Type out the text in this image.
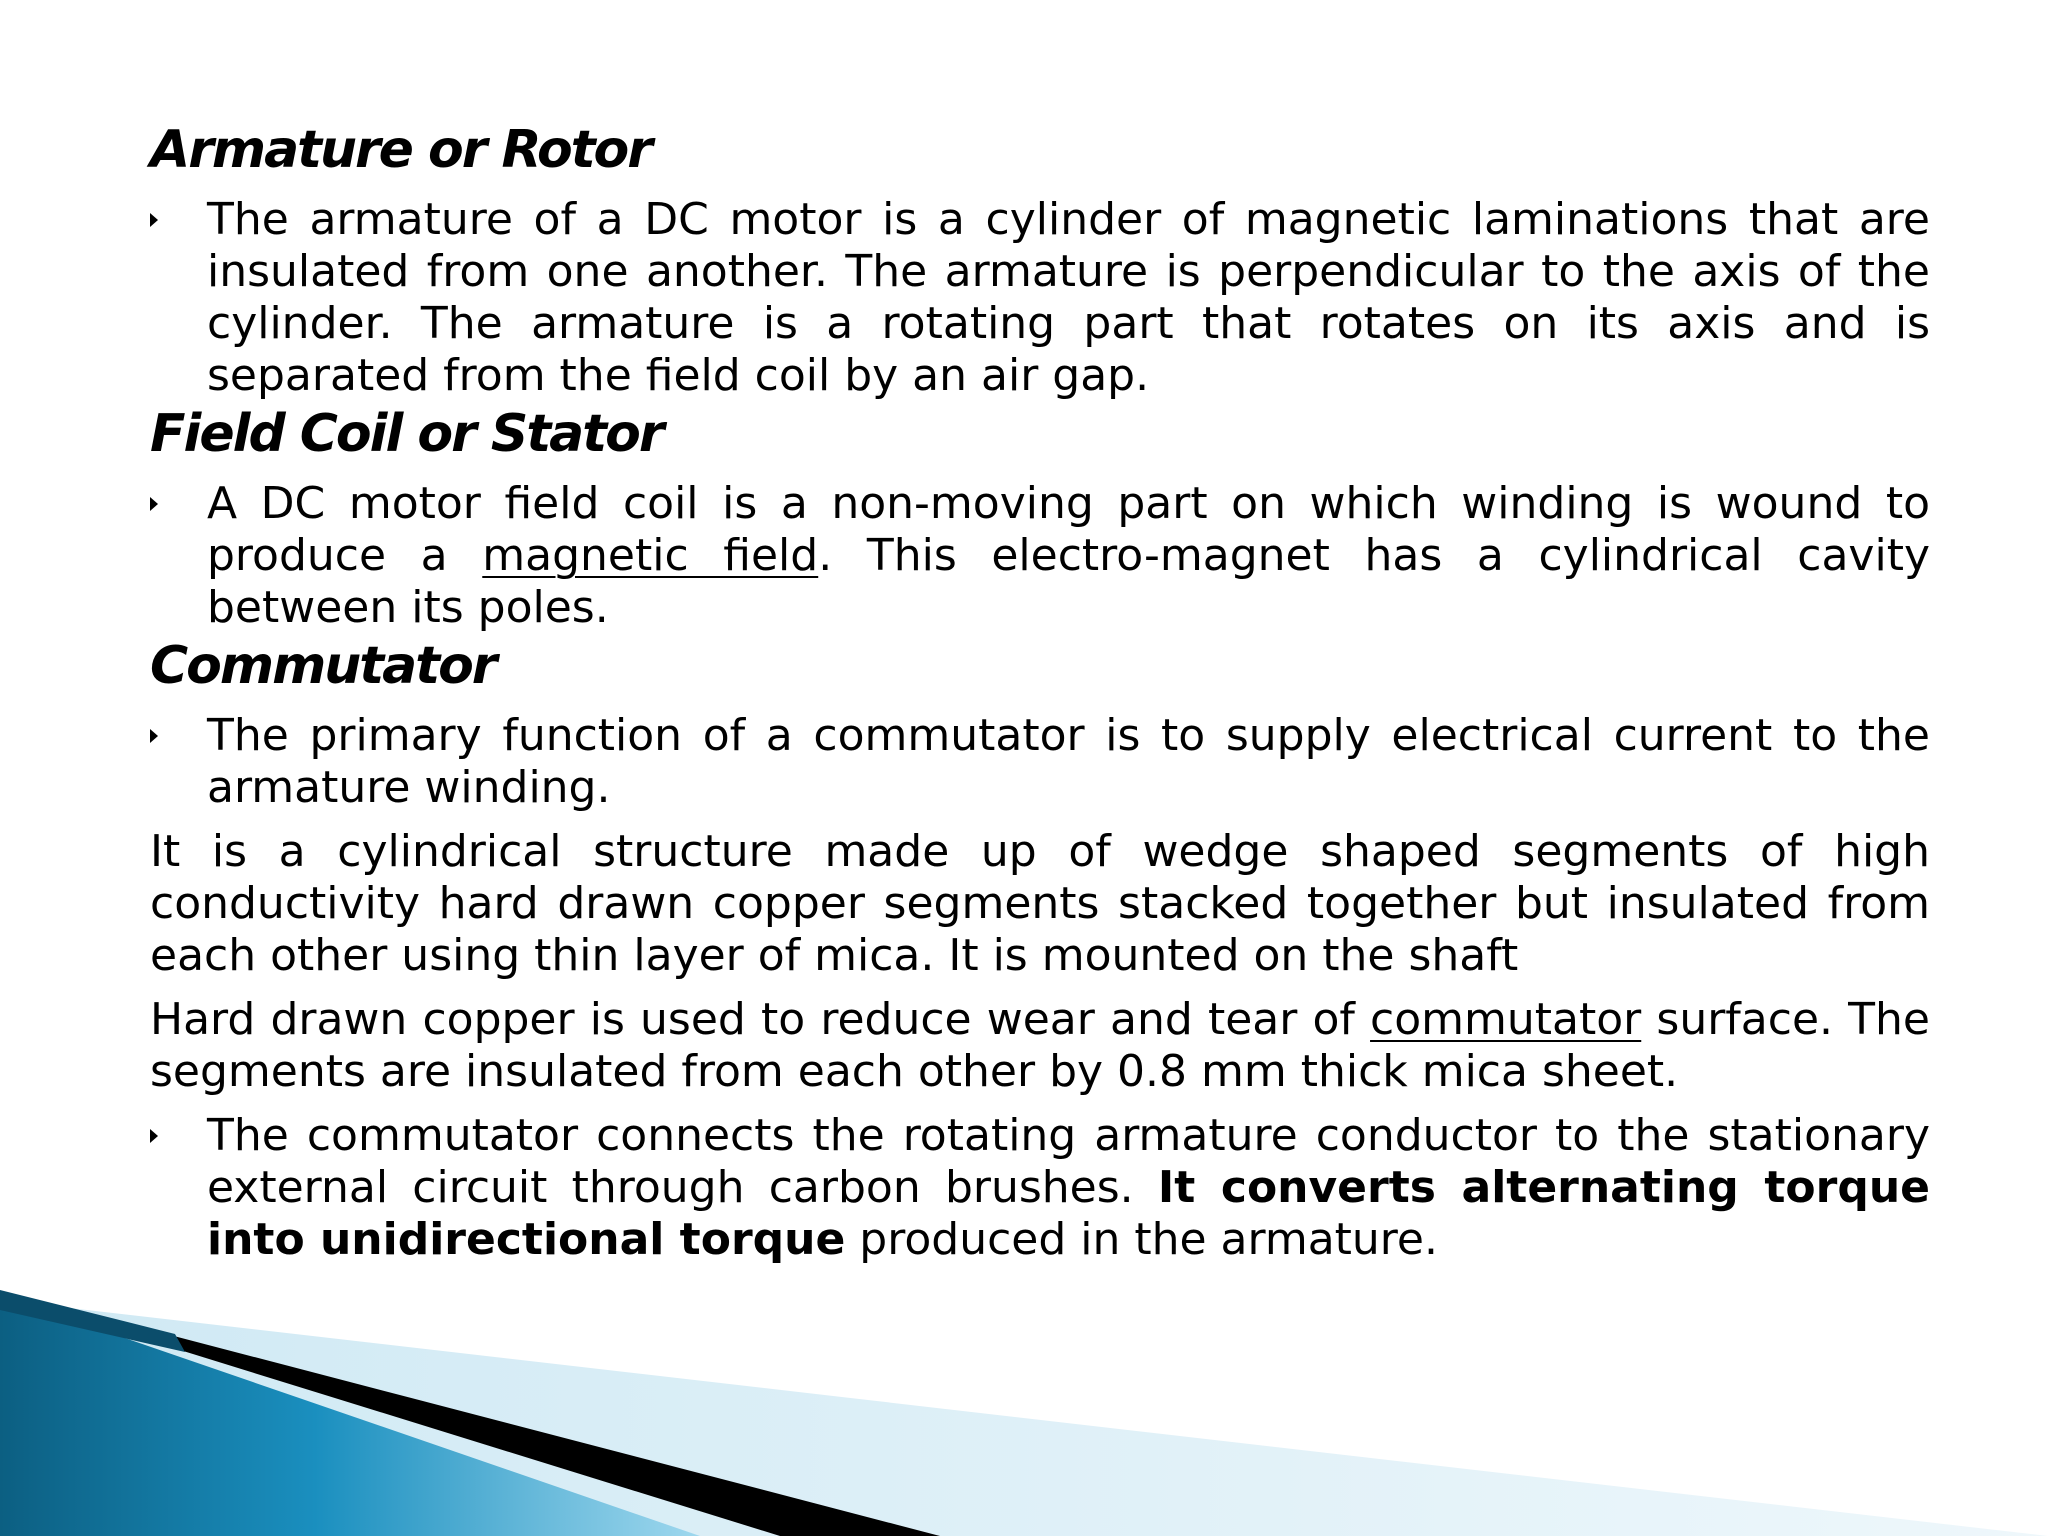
Armature or Rotor

The armature of a DC motor is a cylinder of magnetic laminations that are insulated from one another. The armature is perpendicular to the axis of the cylinder. The armature is a rotating part that rotates on its axis and is separated from the field coil by an air gap.

Field Coil or Stator

A DC motor field coil is a non-moving part on which winding is wound to produce a magnetic field. This electro-magnet has a cylindrical cavity between its poles.

Commutator

The primary function of a commutator is to supply electrical current to the armature winding.

It is a cylindrical structure made up of wedge shaped segments of high conductivity hard drawn copper segments stacked together but insulated from each other using thin layer of mica. It is mounted on the shaft

Hard drawn copper is used to reduce wear and tear of commutator surface. The segments are insulated from each other by 0.8 mm thick mica sheet.

The commutator connects the rotating armature conductor to the stationary external circuit through carbon brushes. It converts alternating torque into unidirectional torque produced in the armature.
